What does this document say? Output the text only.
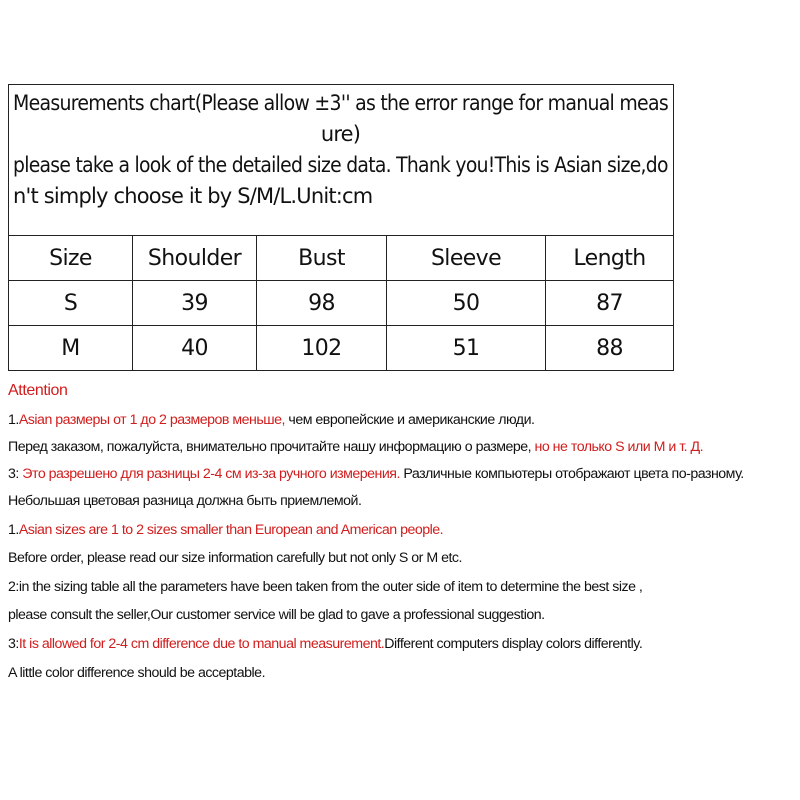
Measurements chart(Please allow ±3'' as the error range for manual meas
ure)
please take a look of the detailed size data. Thank you!This is Asian size,do
n't simply choose it by S/M/L.Unit:cm				

Size	Shoulder	Bust	Sleeve	Length
S	39	98	50	87
M	40	102	51	88
Attention
1.Asian размеры от 1 до 2 размеров меньше, чем европейские и американские люди.
Перед заказом, пожалуйста, внимательно прочитайте нашу информацию о размере, но не только S или M и т. Д.
3: Это разрешено для разницы 2-4 см из-за ручного измерения. Различные компьютеры отображают цвета по-разному.
Небольшая цветовая разница должна быть приемлемой.
1.Asian sizes are 1 to 2 sizes smaller than European and American people.
Before order, please read our size information carefully but not only S or M etc.
2:in the sizing table all the parameters have been taken from the outer side of item to determine the best size ,
please consult the seller,Our customer service will be glad to gave a professional suggestion.
3:It is allowed for 2-4 cm difference due to manual measurement.Different computers display colors differently.
A little color difference should be acceptable.
